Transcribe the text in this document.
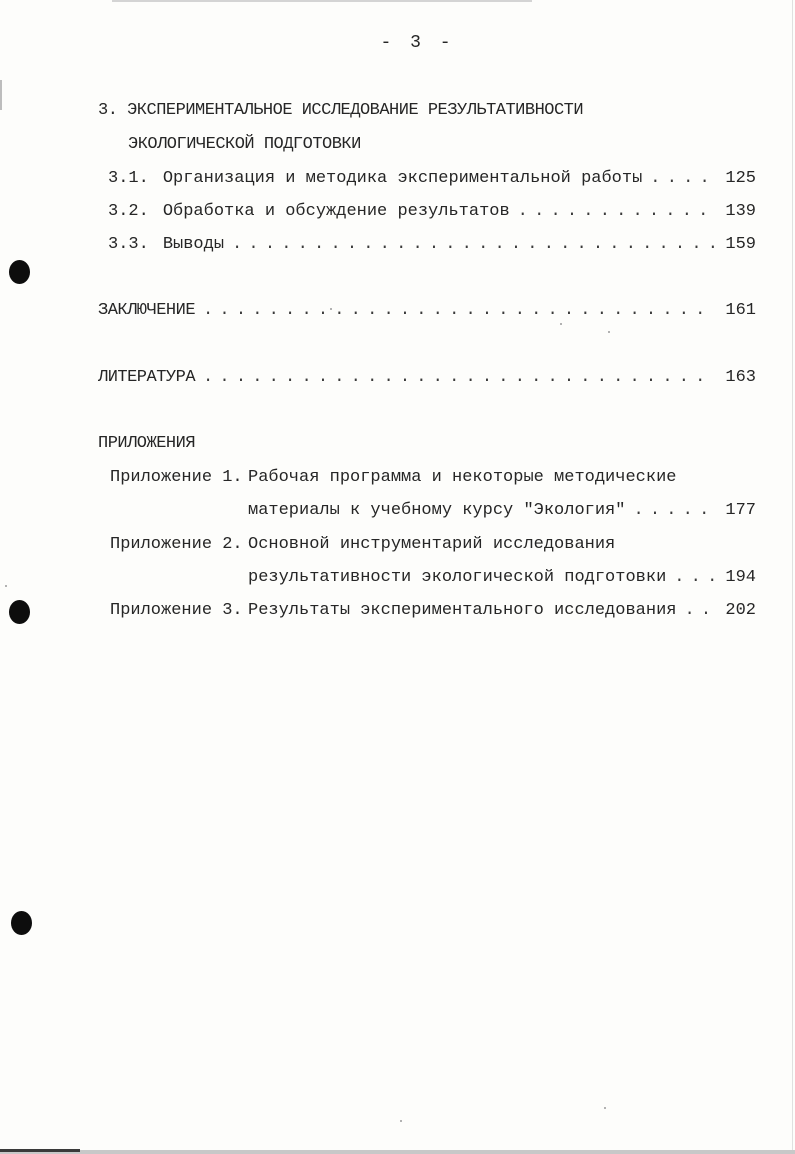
- 3 -
3. ЭКСПЕРИМЕНТАЛЬНОЕ ИССЛЕДОВАНИЕ РЕЗУЛЬТАТИВНОСТИ
ЭКОЛОГИЧЕСКОЙ ПОДГОТОВКИ
3.1. Организация и методика экспериментальной работы . . .	125
3.2. Обработка и обсуждение результатов . . .	139
3.3. Выводы . . .	159
ЗАКЛЮЧЕНИЕ . . .	161
ЛИТЕРАТУРА . . .	163
ПРИЛОЖЕНИЯ
Приложение 1. Рабочая программа и некоторые методические
материалы к учебному курсу "Экология" . . .	177
Приложение 2. Основной инструментарий исследования
результативности экологической подготовки . . .	194
Приложение 3. Результаты экспериментального исследования . . .	202
